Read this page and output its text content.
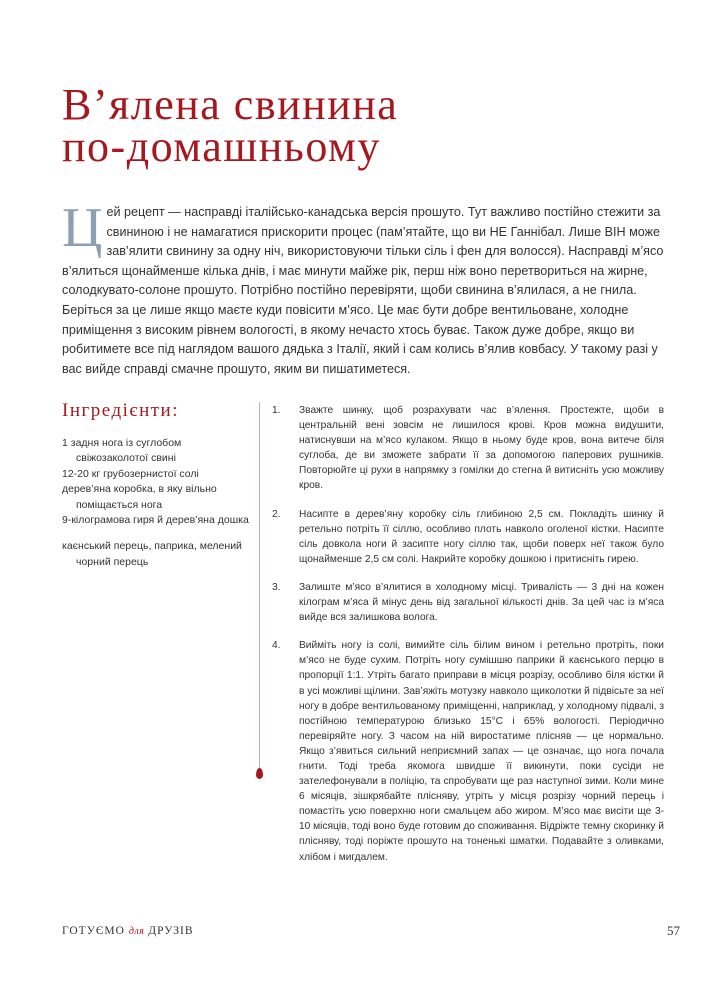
В’ялена свинина
по-домашньому

Цей рецепт — насправді італійсько-канадська версія прошуто. Тут важливо постійно стежити за свининою і не намагатися прискорити процес (пам’ятайте, що ви НЕ Ганнібал. Лише ВІН може зав’ялити свинину за одну ніч, використовуючи тільки сіль і фен для волосся). Насправді м’ясо в’ялиться щонайменше кілька днів, і має минути майже рік, перш ніж воно перетвориться на жирне, солодкувато-солоне прошуто. Потрібно постійно перевіряти, щоби свинина в’ялилася, а не гнила. Беріться за це лише якщо маєте куди повісити м’ясо. Це має бути добре вентильоване, холодне приміщення з високим рівнем вологості, в якому нечасто хтось буває. Також дуже добре, якщо ви робитимете все під наглядом вашого дядька з Італії, який і сам колись в’ялив ковбасу. У такому разі у вас вийде справді смачне прошуто, яким ви пишатиметеся.

Інгредієнти:
1 задня нога із суглобом свіжозаколотої свині
12-20 кг грубозернистої солі
дерев’яна коробка, в яку вільно поміщається нога
9-кілограмова гиря й дерев’яна дошка
каєнський перець, паприка, мелений чорний перець
1.	Зважте шинку, щоб розрахувати час в’ялення. Простежте, щоби в центральній вені зовсім не лишилося крові. Кров можна видушити, натиснувши на м’ясо кулаком. Якщо в ньому буде кров, вона витече біля суглоба, де ви зможете забрати її за допомогою паперових рушників. Повторюйте ці рухи в напрямку з гомілки до стегна й витисніть усю можливу кров.
2.	Насипте в дерев’яну коробку сіль глибиною 2,5 см. Покладіть шинку й ретельно потріть її сіллю, особливо плоть навколо оголеної кістки. Насипте сіль довкола ноги й засипте ногу сіллю так, щоби поверх неї також було щонайменше 2,5 см солі. Накрийте коробку дошкою і притисніть гирею.
3.	Залиште м’ясо в’ялитися в холодному місці. Тривалість — 3 дні на кожен кілограм м’яса й мінус день від загальної кількості днів. За цей час із м’яса вийде вся залишкова волога.
4.	Вийміть ногу із солі, вимийте сіль білим вином і ретельно протріть, поки м’ясо не буде сухим. Потріть ногу сумішшю паприки й каєнського перцю в пропорції 1:1. Утріть багато приправи в місця розрізу, особливо біля кістки й в усі можливі щілини. Зав’яжіть мотузку навколо щиколотки й підвісьте за неї ногу в добре вентильованому приміщенні, наприклад, у холодному підвалі, з постійною температурою близько 15°С і 65% вологості. Періодично перевіряйте ногу. З часом на ній виростатиме плісняв — це нормально. Якщо з’явиться сильний неприємний запах — це означає, що нога почала гнити. Тоді треба якомога швидше її викинути, поки сусіди не зателефонували в поліцію, та спробувати ще раз наступної зими. Коли мине 6 місяців, зішкрябайте плісняву, утріть у місця розрізу чорний перець і помастіть усю поверхню ноги смальцем або жиром. М’ясо має висіти ще 3-10 місяців, тоді воно буде готовим до споживання. Відріжте темну скоринку й плісняву, тоді поріжте прошуто на тоненькі шматки. Подавайте з оливками, хлібом і мигдалем.
ГОТУЄМО для ДРУЗІВ	57
